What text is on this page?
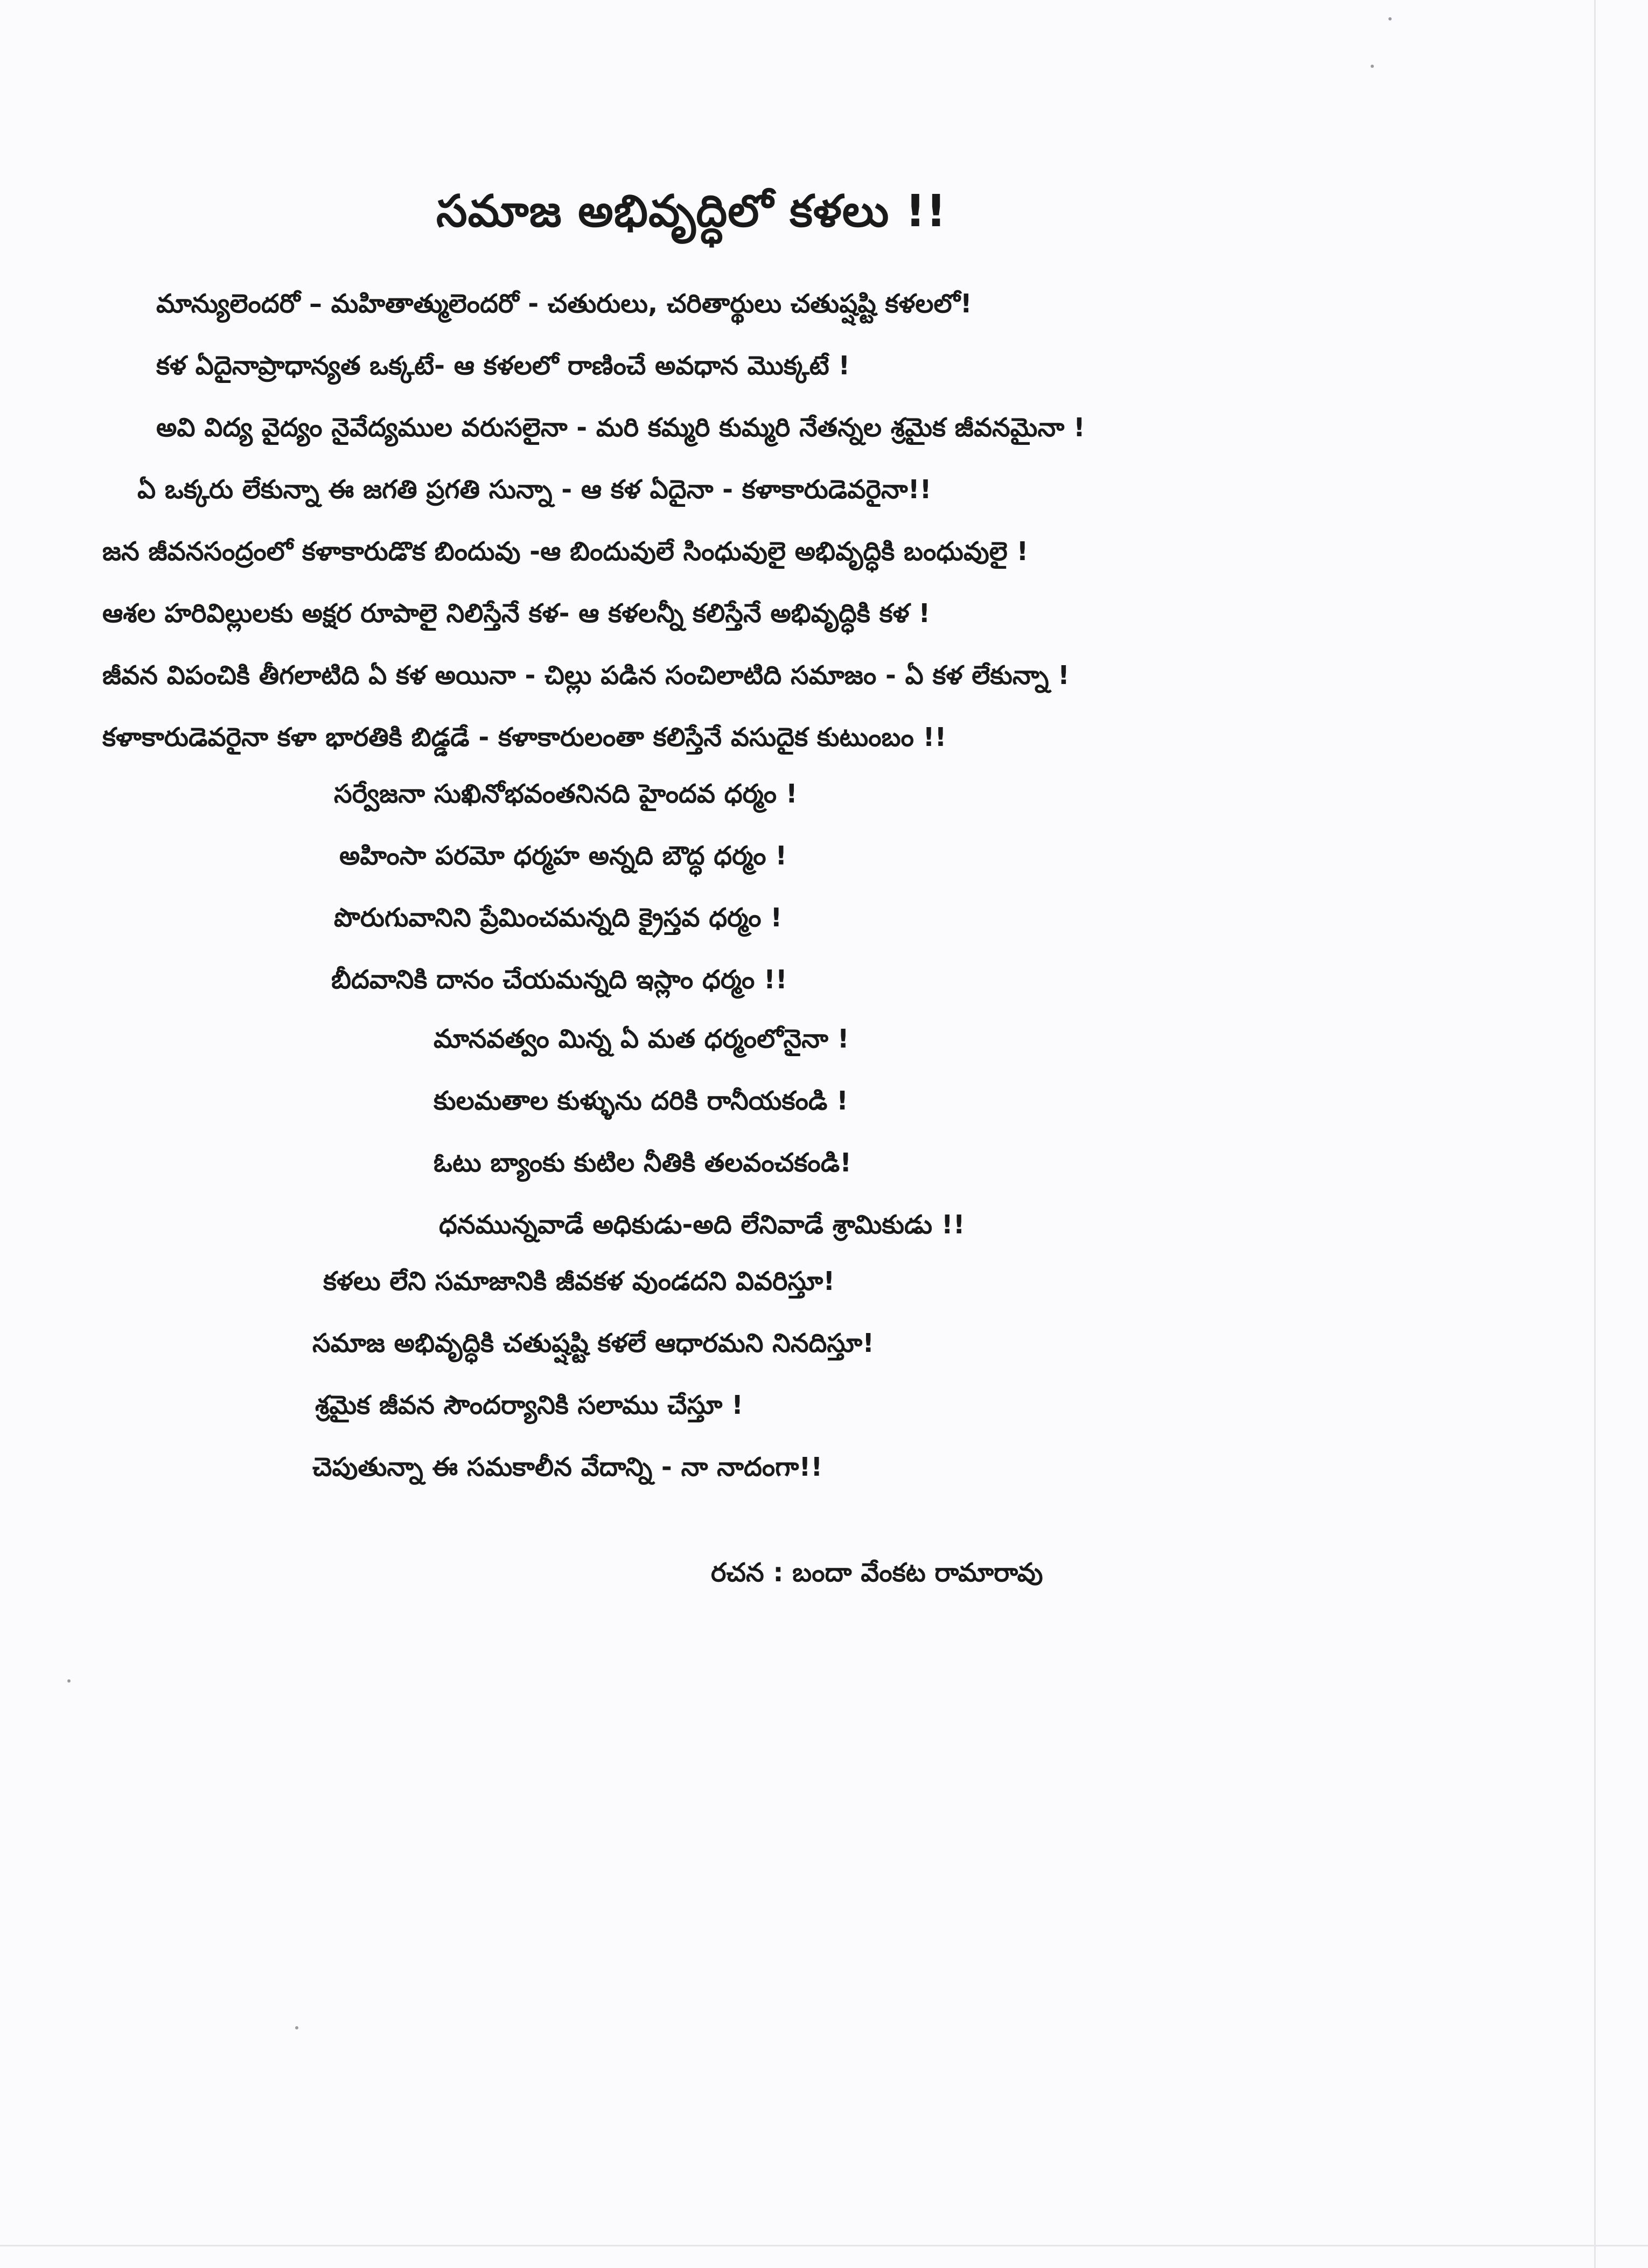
సమాజ అభివృద్ధిలో కళలు !!
మాన్యులెందరో – మహితాత్ములెందరో - చతురులు, చరితార్థులు చతుష్షష్టి కళలలో!
కళ ఏదైనాప్రాధాన్యత ఒక్కటే- ఆ కళలలో రాణించే అవధాన మొక్కటే !
అవి విద్య వైద్యం నైవేద్యముల వరుసలైనా - మరి కమ్మరి కుమ్మరి నేతన్నల శ్రమైక జీవనమైనా !
ఏ ఒక్కరు లేకున్నా ఈ జగతి ప్రగతి సున్నా - ఆ కళ ఏదైనా - కళాకారుడెవరైనా!!
జన జీవనసంద్రంలో కళాకారుడొక బిందువు -ఆ బిందువులే సింధువులై అభివృద్ధికి బంధువులై !
ఆశల హరివిల్లులకు అక్షర రూపాలై నిలిస్తేనే కళ- ఆ కళలన్నీ కలిస్తేనే అభివృద్ధికి కళ !
జీవన విపంచికి తీగలాటిది ఏ కళ అయినా - చిల్లు పడిన సంచిలాటిది సమాజం - ఏ కళ లేకున్నా !
కళాకారుడెవరైనా కళా భారతికి బిడ్డడే - కళాకారులంతా కలిస్తేనే వసుదైక కుటుంబం !!
సర్వేజనా సుఖినోభవంతనినది హైందవ ధర్మం !
అహింసా పరమో ధర్మహ అన్నది బౌద్ధ ధర్మం !
పొరుగువానిని ప్రేమించమన్నది క్రైస్తవ ధర్మం !
బీదవానికి దానం చేయమన్నది ఇస్లాం ధర్మం !!
మానవత్వం మిన్న ఏ మత ధర్మంలోనైనా !
కులమతాల కుళ్ళును దరికి రానీయకండి !
ఓటు బ్యాంకు కుటిల నీతికి తలవంచకండి!
ధనమున్నవాడే అధికుడు-అది లేనివాడే శ్రామికుడు !!
కళలు లేని సమాజానికి జీవకళ వుండదని వివరిస్తూ!
సమాజ అభివృద్ధికి చతుష్షష్టి కళలే ఆధారమని నినదిస్తూ!
శ్రమైక జీవన సౌందర్యానికి సలాము చేస్తూ !
చెపుతున్నా ఈ సమకాలీన వేదాన్ని - నా నాదంగా!!
రచన : బందా వేంకట రామారావు
